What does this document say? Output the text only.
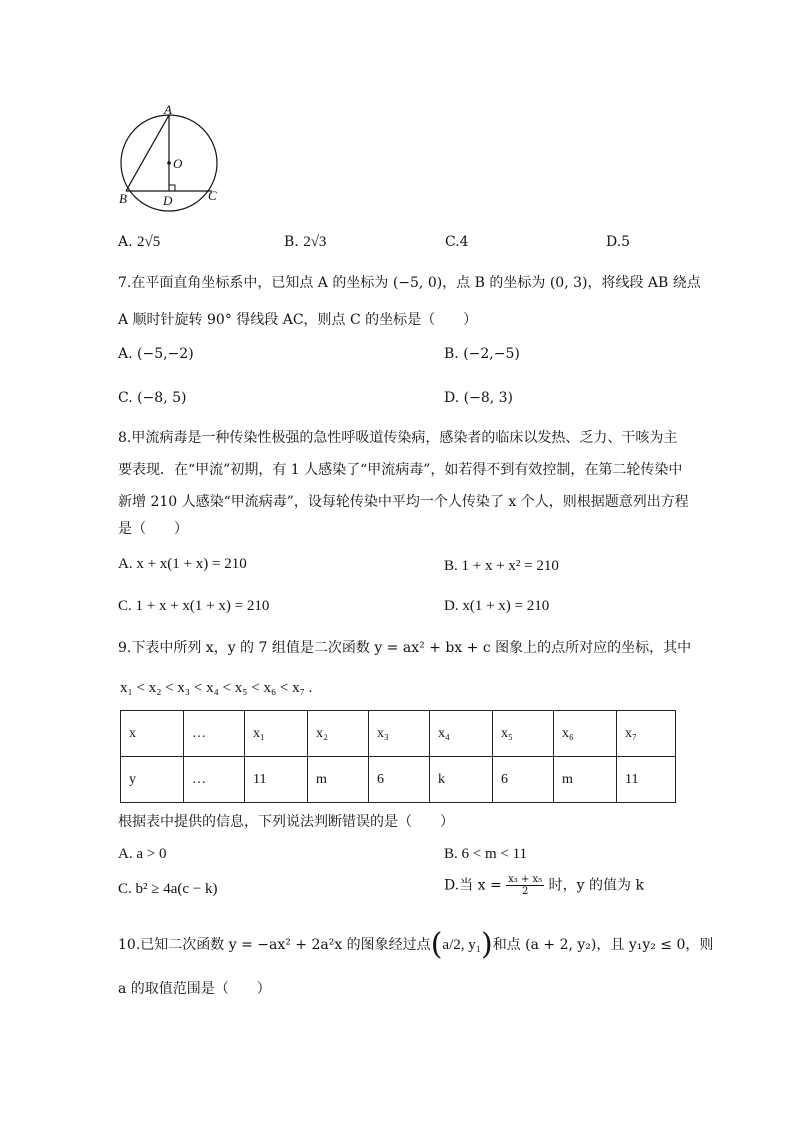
A
O
B	D	C
A. 2√5	B. 2√3	C.4	D.5
7.在平面直角坐标系中，已知点 A 的坐标为 (−5, 0)，点 B 的坐标为 (0, 3)，将线段 AB 绕点
A 顺时针旋转 90° 得线段 AC，则点 C 的坐标是（　　）
A. (−5,−2)	B. (−2,−5)
C. (−8, 5)	D. (−8, 3)
8.甲流病毒是一种传染性极强的急性呼吸道传染病，感染者的临床以发热、乏力、干咳为主
要表现．在“甲流”初期，有 1 人感染了“甲流病毒”，如若得不到有效控制，在第二轮传染中
新增 210 人感染“甲流病毒”，设每轮传染中平均一个人传染了 x 个人，则根据题意列出方程
是（　　）
A. x + x(1 + x) = 210	B. 1 + x + x² = 210
C. 1 + x + x(1 + x) = 210	D. x(1 + x) = 210
9.下表中所列 x，y 的 7 组值是二次函数 y = ax² + bx + c 图象上的点所对应的坐标，其中
x₁ < x₂ < x₃ < x₄ < x₅ < x₆ < x₇ .
x	…	x₁	x₂	x₃	x₄	x₅	x₆	x₇
y	…	11	m	6	k	6	m	11
根据表中提供的信息，下列说法判断错误的是（　　）
A. a > 0	B. 6 < m < 11
C. b² ≥ 4a(c − k)	D.当 $x = \frac{\text{x₃ + x₅}}{2}$ 时，y 的值为 k
10.已知二次函数 y = −ax² + 2a²x 的图象经过点(a/2, y₁)和点 (a + 2, y₂)，且 y₁y₂ ≤ 0，则
a 的取值范围是（　　）
